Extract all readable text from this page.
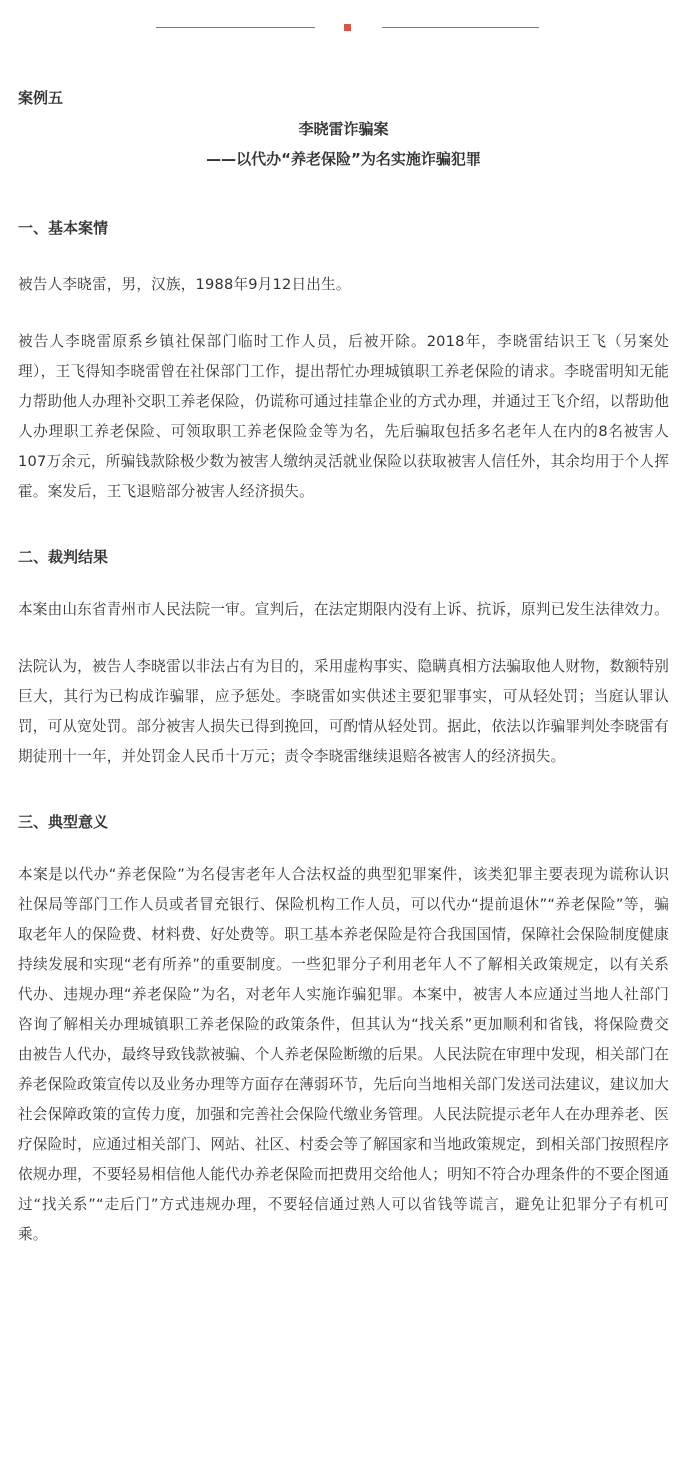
案例五
李晓雷诈骗案
——以代办“养老保险”为名实施诈骗犯罪
一、基本案情

被告人李晓雷，男，汉族，1988年9月12日出生。

被告人李晓雷原系乡镇社保部门临时工作人员，后被开除。2018年，李晓雷结识王飞（另案处理），王飞得知李晓雷曾在社保部门工作，提出帮忙办理城镇职工养老保险的请求。李晓雷明知无能力帮助他人办理补交职工养老保险，仍谎称可通过挂靠企业的方式办理，并通过王飞介绍，以帮助他人办理职工养老保险、可领取职工养老保险金等为名，先后骗取包括多名老年人在内的8名被害人107万余元，所骗钱款除极少数为被害人缴纳灵活就业保险以获取被害人信任外，其余均用于个人挥霍。案发后，王飞退赔部分被害人经济损失。

二、裁判结果

本案由山东省青州市人民法院一审。宣判后，在法定期限内没有上诉、抗诉，原判已发生法律效力。

法院认为，被告人李晓雷以非法占有为目的，采用虚构事实、隐瞒真相方法骗取他人财物，数额特别巨大，其行为已构成诈骗罪，应予惩处。李晓雷如实供述主要犯罪事实，可从轻处罚；当庭认罪认罚，可从宽处罚。部分被害人损失已得到挽回，可酌情从轻处罚。据此，依法以诈骗罪判处李晓雷有期徒刑十一年，并处罚金人民币十万元；责令李晓雷继续退赔各被害人的经济损失。

三、典型意义

本案是以代办“养老保险”为名侵害老年人合法权益的典型犯罪案件，该类犯罪主要表现为谎称认识社保局等部门工作人员或者冒充银行、保险机构工作人员，可以代办“提前退休”“养老保险”等，骗取老年人的保险费、材料费、好处费等。职工基本养老保险是符合我国国情，保障社会保险制度健康持续发展和实现“老有所养”的重要制度。一些犯罪分子利用老年人不了解相关政策规定，以有关系代办、违规办理“养老保险”为名，对老年人实施诈骗犯罪。本案中，被害人本应通过当地人社部门咨询了解相关办理城镇职工养老保险的政策条件，但其认为“找关系”更加顺利和省钱，将保险费交由被告人代办，最终导致钱款被骗、个人养老保险断缴的后果。人民法院在审理中发现，相关部门在养老保险政策宣传以及业务办理等方面存在薄弱环节，先后向当地相关部门发送司法建议，建议加大社会保障政策的宣传力度，加强和完善社会保险代缴业务管理。人民法院提示老年人在办理养老、医疗保险时，应通过相关部门、网站、社区、村委会等了解国家和当地政策规定，到相关部门按照程序依规办理，不要轻易相信他人能代办养老保险而把费用交给他人；明知不符合办理条件的不要企图通过“找关系”“走后门”方式违规办理，不要轻信通过熟人可以省钱等谎言，避免让犯罪分子有机可乘。
